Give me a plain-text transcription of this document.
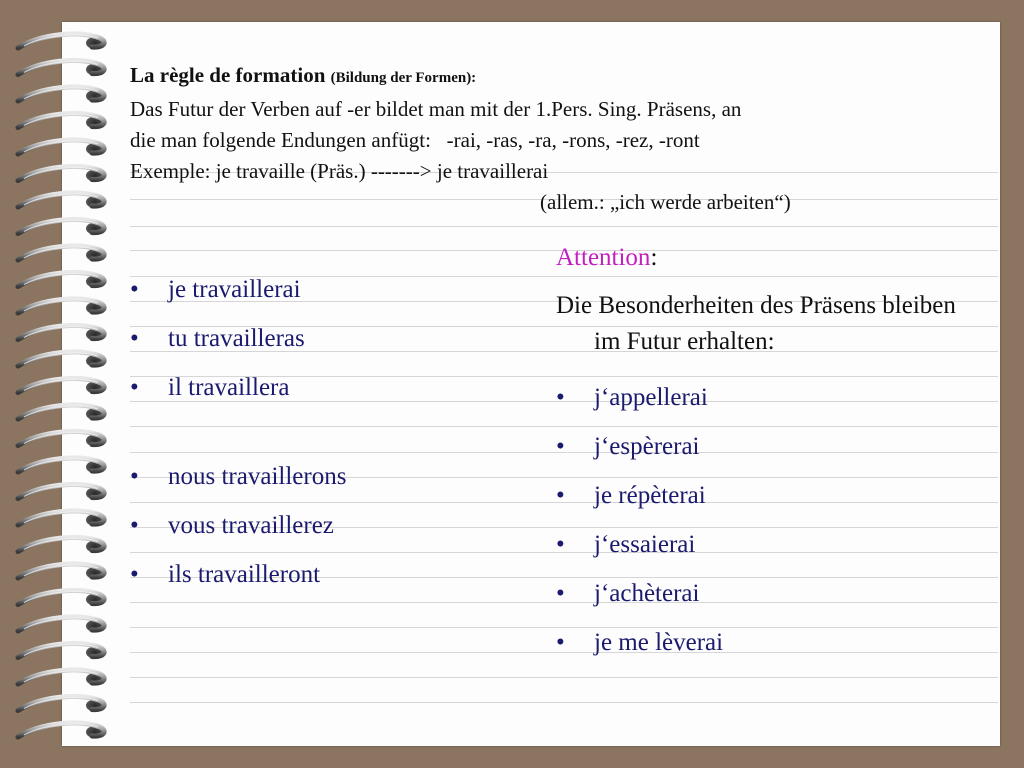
La règle de formation (Bildung der Formen):
Das Futur der Verben auf -er bildet man mit der 1.Pers. Sing. Präsens, an
die man folgende Endungen anfügt:   -rai, -ras, -ra, -rons, -rez, -ront
Exemple: je travaille (Präs.) -------> je travaillerai
(allem.: „ich werde arbeiten“)
• je travaillerai
• tu travailleras
• il travaillera
• nous travaillerons
• vous travaillerez
• ils travailleront

Attention:

Die Besonderheiten des Präsens bleiben im Futur erhalten:

• j‘appellerai
• j‘espèrerai
• je répèterai
• j‘essaierai
• j‘achèterai
• je me lèverai
